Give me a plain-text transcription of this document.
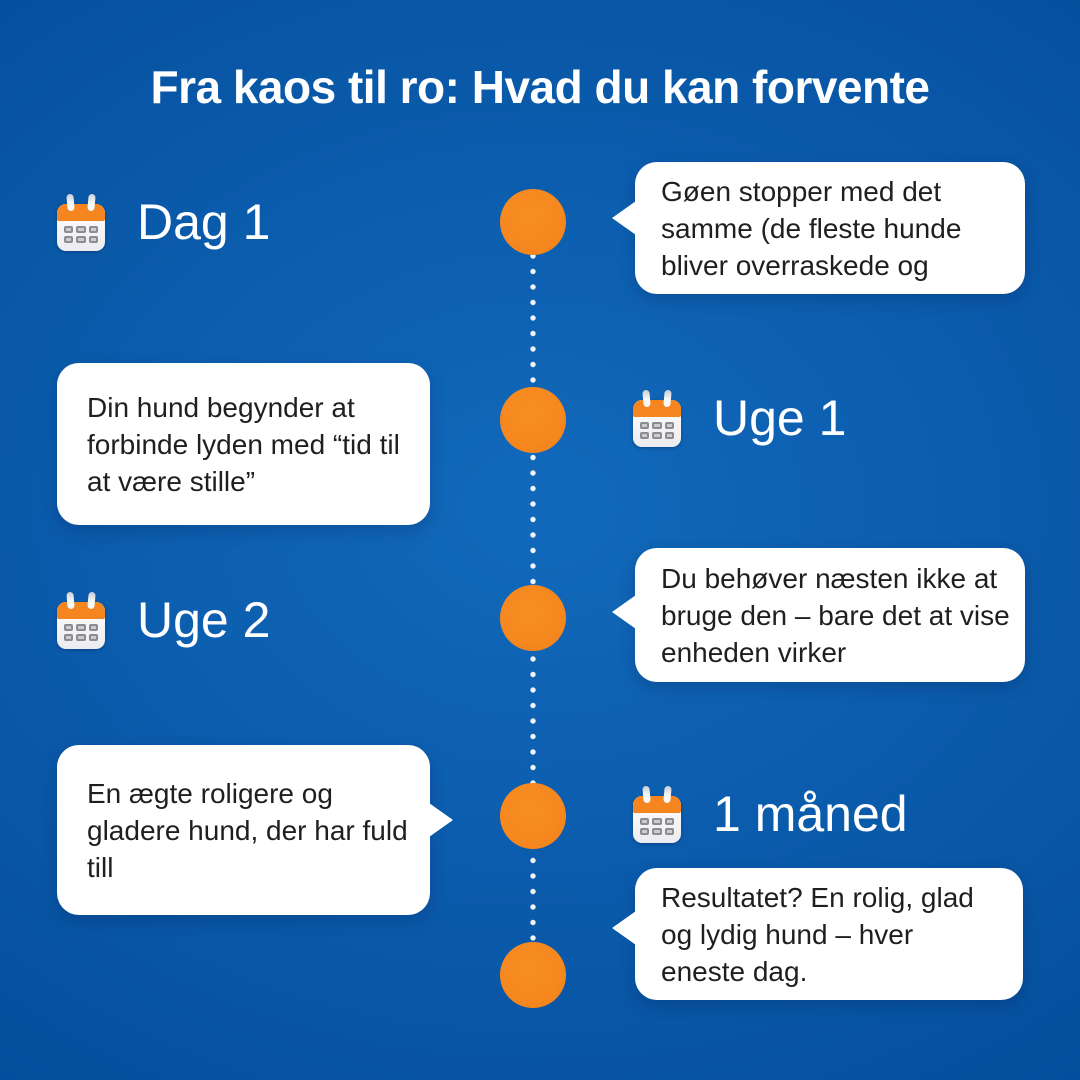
Fra kaos til ro: Hvad du kan forvente
Dag 1
Uge 1
Uge 2
1 måned
Gøen stopper med det
samme (de fleste hunde
bliver overraskede og
Din hund begynder at
forbinde lyden med “tid til
at være stille”
Du behøver næsten ikke at
bruge den – bare det at vise
enheden virker
En ægte roligere og
gladere hund, der har fuld
till
Resultatet? En rolig, glad
og lydig hund – hver
eneste dag.
